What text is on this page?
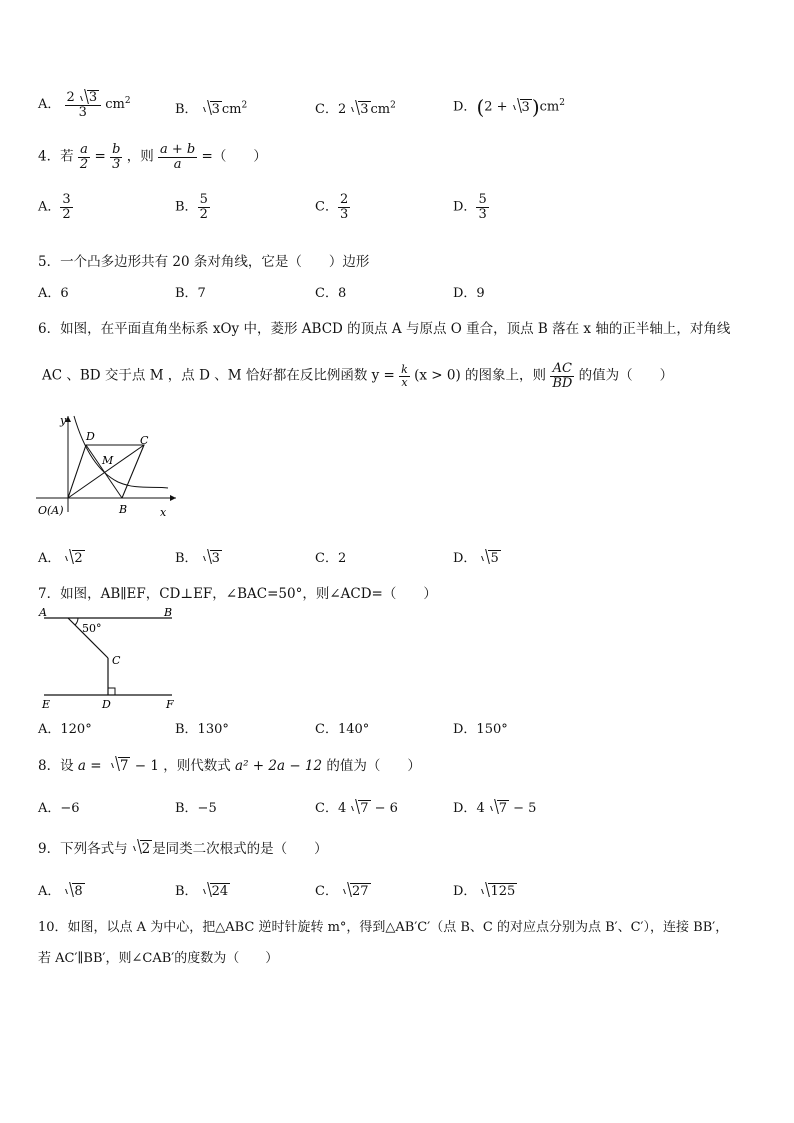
A． $\frac{2 3}{3} cm^2$
B． 3 $cm^2$	C．2 3 $cm^2$	D．(2 + 3 )$cm^2$
4．若 $\frac{a}{2} = \frac{b}{3}$ ，则 $\frac{a + b}{a}$ =（　　）
A． $\frac{3}{2}$	B． $\frac{5}{2}$	C． $\frac{2}{3}$	D． $\frac{5}{3}$
5．一个凸多边形共有 20 条对角线，它是（　　）边形
A．6	B．7	C．8	D．9
6．如图，在平面直角坐标系 xOy 中，菱形 ABCD 的顶点 A 与原点 O 重合，顶点 B 落在 x 轴的正半轴上，对角线
AC 、BD 交于点 M ，点 D 、M 恰好都在反比例函数 $y = \frac{k}{x} (x > 0)$ 的图象上，则 $\frac{AC}{BD}$ 的值为（　　）
y
x
D	C
M
O(A)	B
A． 2	B． 3	C．2	D． 5
7．如图，AB∥EF，CD⊥EF，∠BAC=50°，则∠ACD=（　　）
A	B
C
D
E	F
50°
A．120°	B．130°	C．140°	D．150°
8．设 a = 7 − 1 ，则代数式 a² + 2a − 12 的值为（　　）
A．−6	B．−5	C．4 7 − 6	D．4 7 − 5
9．下列各式与 2 是同类二次根式的是（　　）
A． 8	B． 24	C． 27	D． 125
10．如图，以点 A 为中心，把△ABC 逆时针旋转 m°，得到△AB′C′（点 B、C 的对应点分别为点 B′、C′），连接 BB′，
若 AC′∥BB′，则∠CAB′的度数为（　　）
